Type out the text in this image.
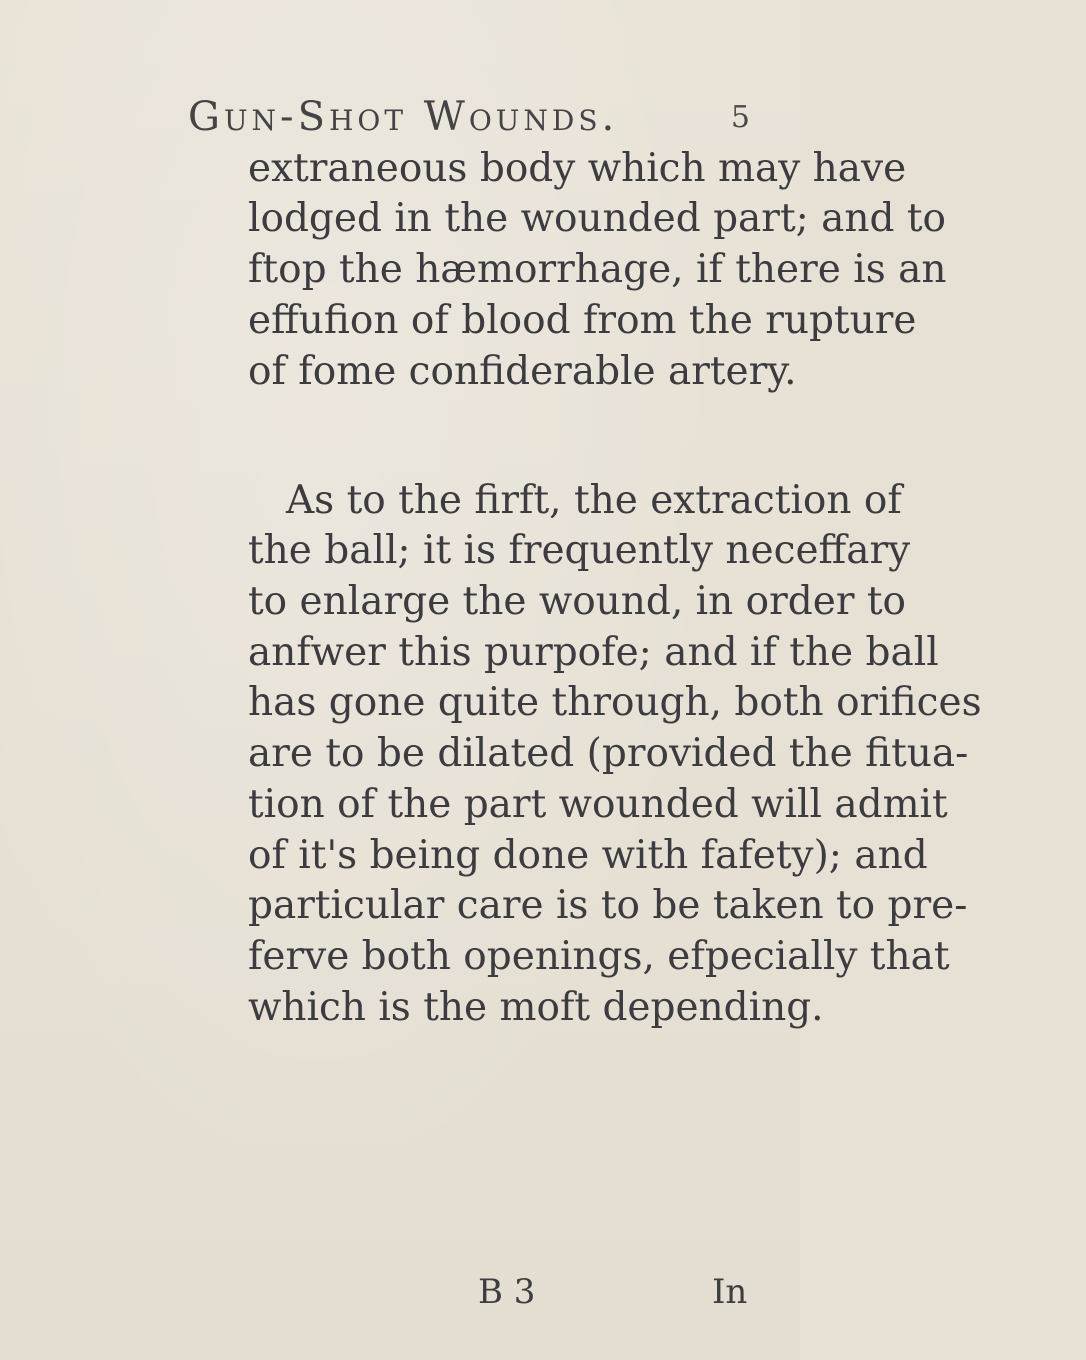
Gun-Shot Wounds.	5
extraneous body which may have
lodged in the wounded part; and to
ftop the hæmorrhage, if there is an
effufion of blood from the rupture
of fome confiderable artery.
As to the firft, the extraction of
the ball; it is frequently neceffary
to enlarge the wound, in order to
anfwer this purpofe; and if the ball
has gone quite through, both orifices
are to be dilated (provided the fitua-
tion of the part wounded will admit
of it's being done with fafety); and
particular care is to be taken to pre-
ferve both openings, efpecially that
which is the moft depending.
B 3	In
